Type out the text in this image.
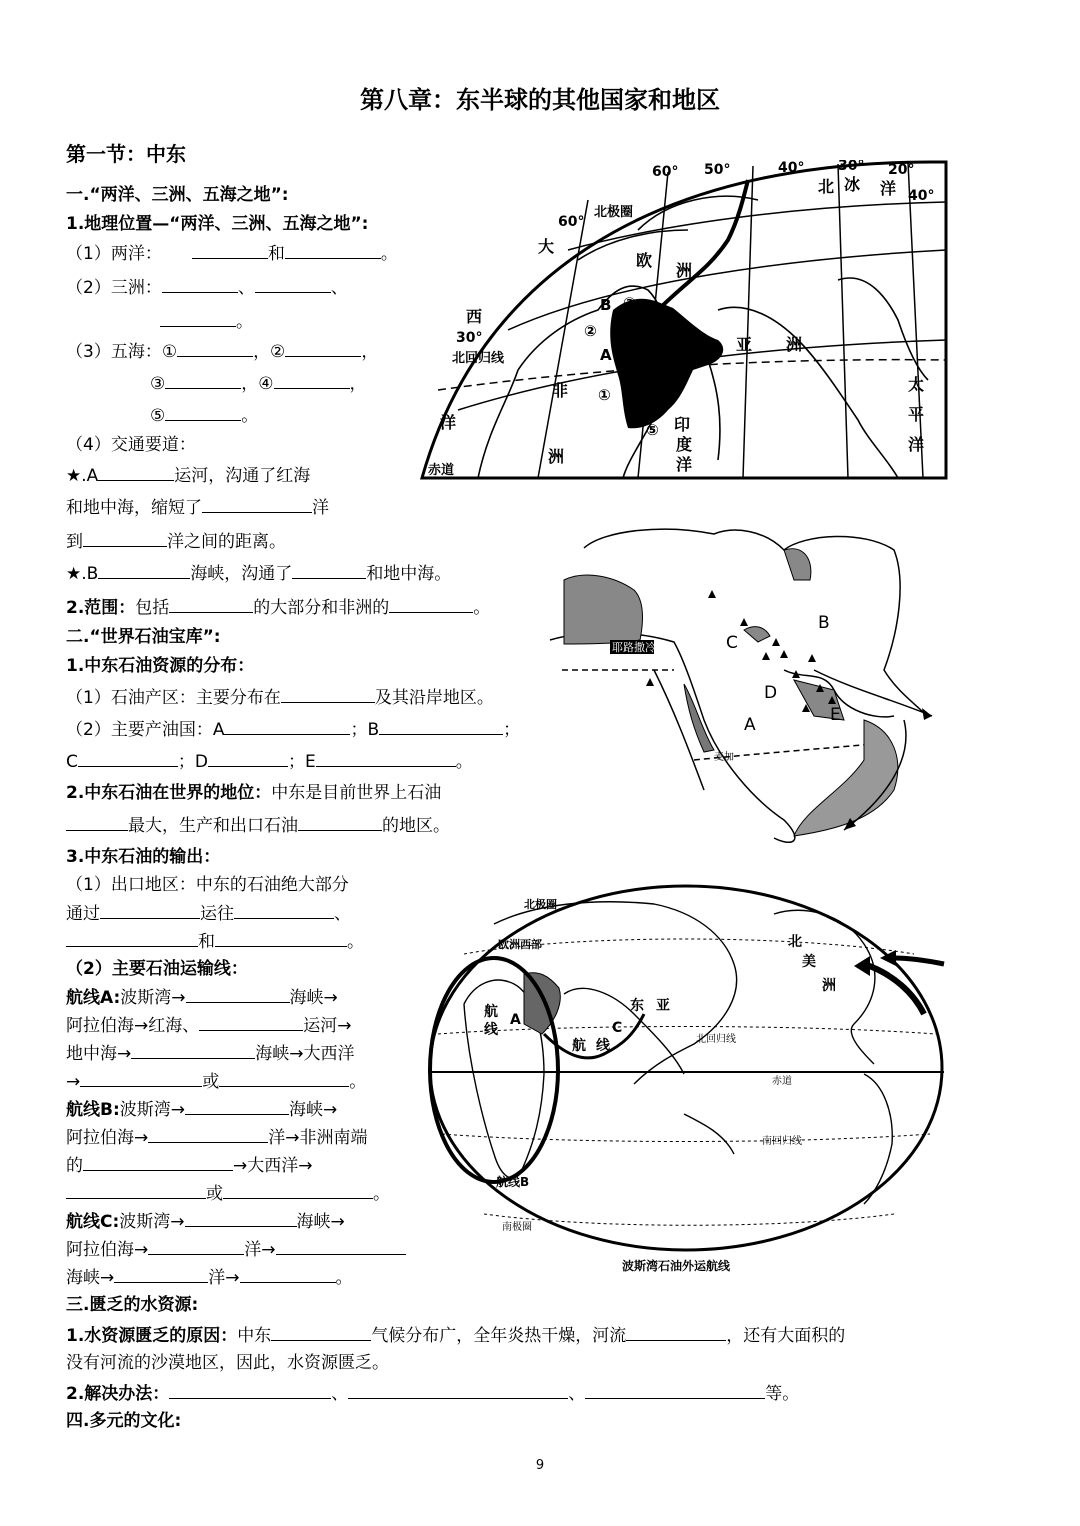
第八章：东半球的其他国家和地区
第一节：中东
一.“两洋、三洲、五海之地”:
1.地理位置—“两洋、三洲、五海之地”:
（1）两洋：	和	。
（2）三洲：	、	、
。
（3）五海：①	，②	，
③	，④	，
⑤	。
（4）交通要道：
★.A	运河，沟通了红海
和地中海，缩短了	洋
到	洋之间的距离。
★.B	海峡，沟通了	和地中海。
2.范围：包括	的大部分和非洲的	。
二.“世界石油宝库”:
1.中东石油资源的分布：
（1）石油产区：主要分布在	及其沿岸地区。
（2）主要产油国：A	；B	；
C	；D	；E	。
2.中东石油在世界的地位：中东是目前世界上石油
最大，生产和出口石油	的地区。
3.中东石油的输出：
（1）出口地区：中东的石油绝大部分
通过	运往	、
和	。
（2）主要石油运输线：
航线A:波斯湾→	海峡→
阿拉伯海→红海、	运河→
地中海→	海峡→大西洋
→	或	。
航线B:波斯湾→	海峡→
阿拉伯海→	洋→非洲南端
的	→大西洋→
或	。
航线C:波斯湾→	海峡→
阿拉伯海→	洋→
海峡→	洋→	。
三.匮乏的水资源:
1.水资源匮乏的原因：中东	气候分布广，全年炎热干燥，河流	，还有大面积的
没有河流的沙漠地区，因此，水资源匮乏。
2.解决办法：	、	、	等。
四.多元的文化:
B ③
②
④
A
①
⑤
60° 50°	40° 30° 20°
60°
30°
40°
北 冰 洋
大
欧
洲
亚 洲
非
洲
西
洋	印
度
洋
太
平
洋
北回归线
赤道
北极圈
耶路撒冷
麦加
A
B
C
D
E
北极圈
欧洲西部
航
线
A
东 亚
航 线
C
北
美
洲
北回归线
赤道
南回归线
南极圈
航线B
波斯湾石油外运航线
9
